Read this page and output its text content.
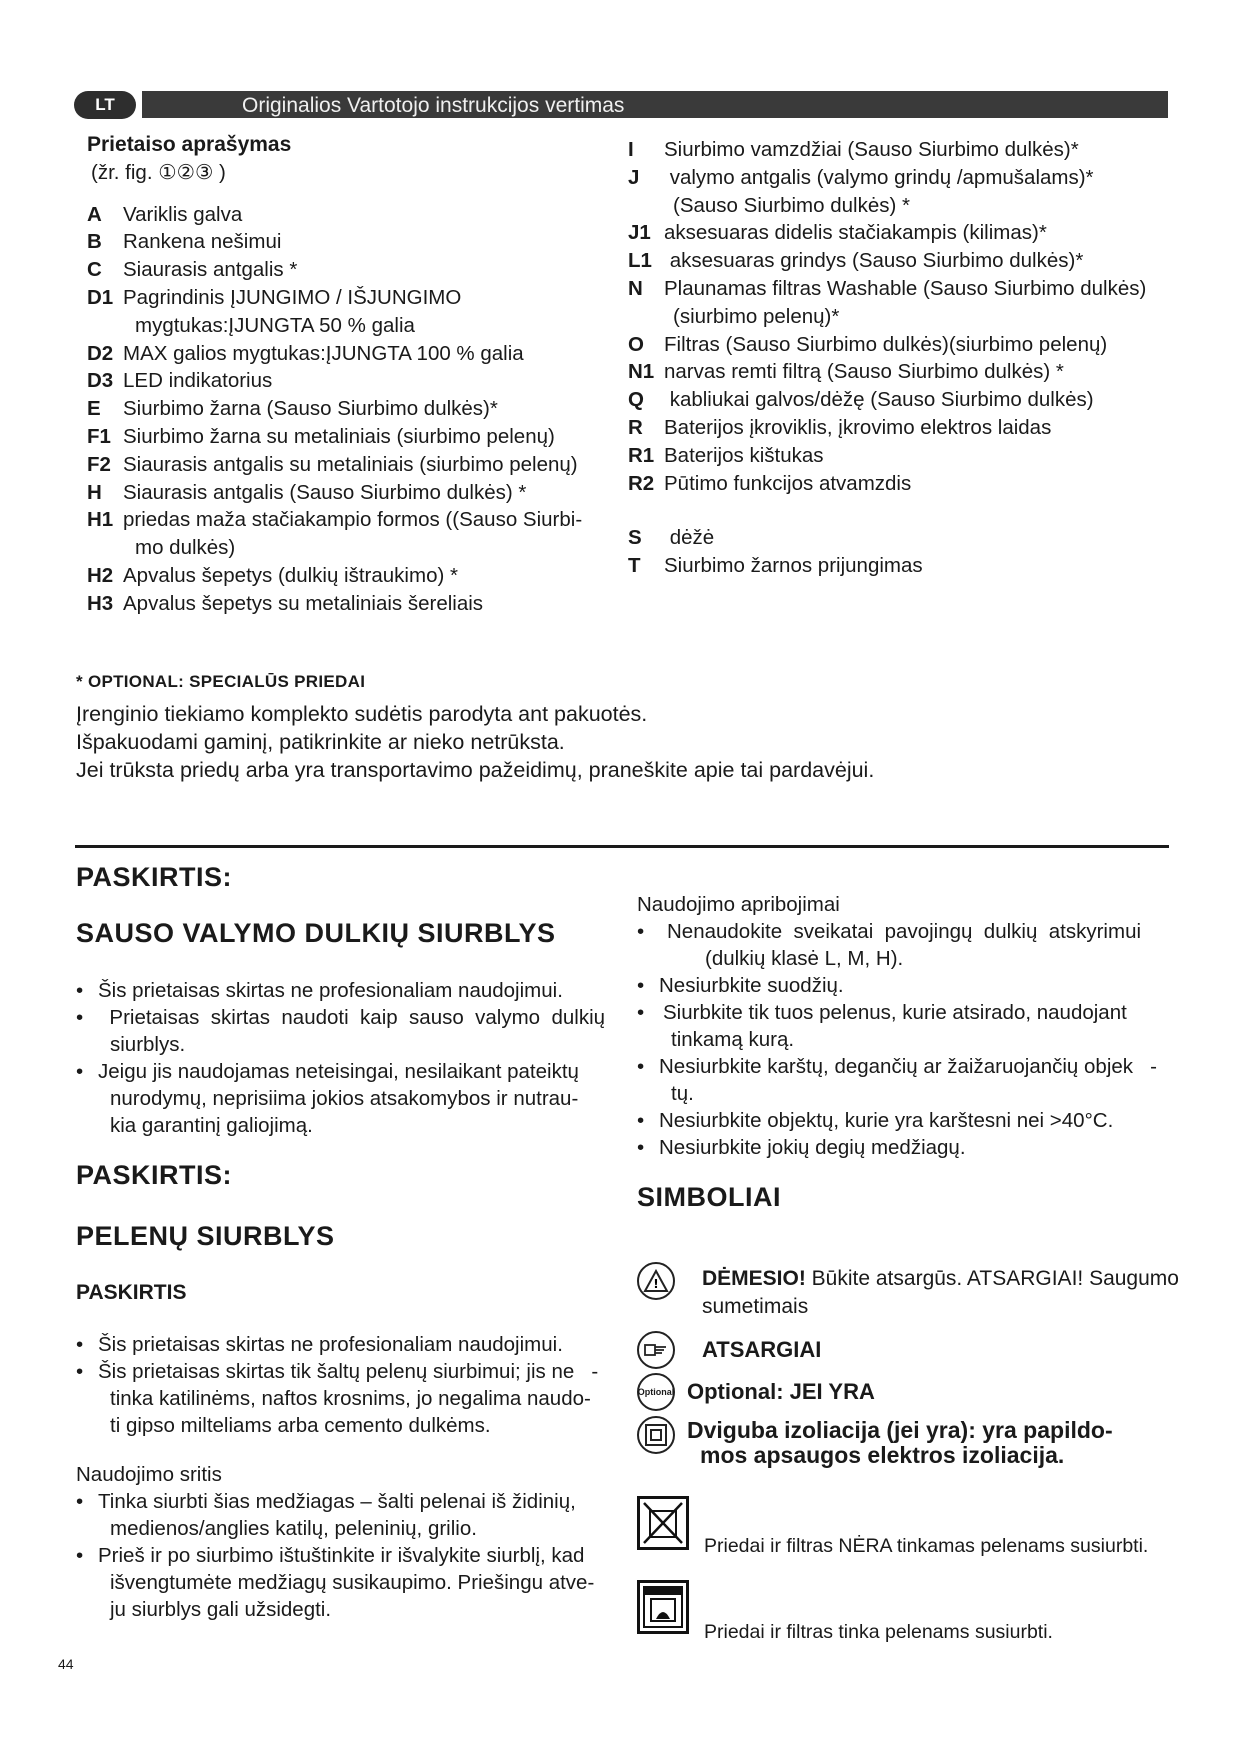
LT	Originalios Vartotojo instrukcijos vertimas
Prietaiso aprašymas
(žr. fig. ①②③ )
A Variklis galva
B Rankena nešimui
C Siaurasis antgalis *
D1 Pagrindinis ĮJUNGIMO / IŠJUNGIMO
mygtukas:ĮJUNGTA 50 % galia
D2 MAX galios mygtukas:ĮJUNGTA 100 % galia
D3 LED indikatorius
E Siurbimo žarna (Sauso Siurbimo dulkės)*
F1 Siurbimo žarna su metaliniais (siurbimo pelenų)
F2 Siaurasis antgalis su metaliniais (siurbimo pelenų)
H Siaurasis antgalis (Sauso Siurbimo dulkės) *
H1 priedas maža stačiakampio formos ((Sauso Siurbi-
mo dulkės)
H2 Apvalus šepetys (dulkių ištraukimo) *
H3 Apvalus šepetys su metaliniais šereliais
I Siurbimo vamzdžiai (Sauso Siurbimo dulkės)*
J valymo antgalis (valymo grindų /apmušalams)*
(Sauso Siurbimo dulkės) *
J1 aksesuaras didelis stačiakampis (kilimas)*
L1 aksesuaras grindys (Sauso Siurbimo dulkės)*
N Plaunamas filtras Washable (Sauso Siurbimo dulkės)
(siurbimo pelenų)*
O Filtras (Sauso Siurbimo dulkės)(siurbimo pelenų)
N1 narvas remti filtrą (Sauso Siurbimo dulkės) *
Q kabliukai galvos/dėžę (Sauso Siurbimo dulkės)
R Baterijos įkroviklis, įkrovimo elektros laidas
R1 Baterijos kištukas
R2 Pūtimo funkcijos atvamzdis
S dėžė
T Siurbimo žarnos prijungimas
* OPTIONAL: SPECIALŪS PRIEDAI
Įrenginio tiekiamo komplekto sudėtis parodyta ant pakuotės.
Išpakuodami gaminį, patikrinkite ar nieko netrūksta.
Jei trūksta priedų arba yra transportavimo pažeidimų, praneškite apie tai pardavėjui.
PASKIRTIS:
SAUSO VALYMO DULKIŲ SIURBLYS
• Šis prietaisas skirtas ne profesionaliam naudojimui.
•   Prietaisas  skirtas  naudoti  kaip  sauso  valymo  dulkių
siurblys.
• Jeigu jis naudojamas neteisingai, nesilaikant pateiktų
nurodymų, neprisiima jokios atsakomybos ir nutrau-
kia garantinį galiojimą.
PASKIRTIS:
PELENŲ SIURBLYS
PASKIRTIS
• Šis prietaisas skirtas ne profesionaliam naudojimui.
• Šis prietaisas skirtas tik šaltų pelenų siurbimui; jis ne   -
tinka katilinėms, naftos krosnims, jo negalima naudo-
ti gipso milteliams arba cemento dulkėms.
Naudojimo sritis
• Tinka siurbti šias medžiagas – šalti pelenai iš židinių,
medienos/anglies katilų, peleninių, grilio.
• Prieš ir po siurbimo ištuštinkite ir išvalykite siurblį, kad
išvengtumėte medžiagų susikaupimo. Priešingu atve-
ju siurblys gali užsidegti.
Naudojimo apribojimai
• Nenaudokite  sveikatai  pavojingų  dulkių  atskyrimui
(dulkių klasė L, M, H).
• Nesiurbkite suodžių.
• Siurbkite tik tuos pelenus, kurie atsirado, naudojant
tinkamą kurą.
• Nesiurbkite karštų, degančių ar žaižaruojančių objek   -
tų.
• Nesiurbkite objektų, kurie yra karštesni nei >40°C.
• Nesiurbkite jokių degių medžiagų.
SIMBOLIAI
! DĖMESIO! Būkite atsargūs. ATSARGIAI! Saugumo
sumetimais
ATSARGIAI
Optional Optional: JEI YRA
Dviguba izoliacija (jei yra): yra papildo-
mos apsaugos elektros izoliacija.
Priedai ir filtras NĖRA tinkamas pelenams susiurbti.
Priedai ir filtras tinka pelenams susiurbti.
44
